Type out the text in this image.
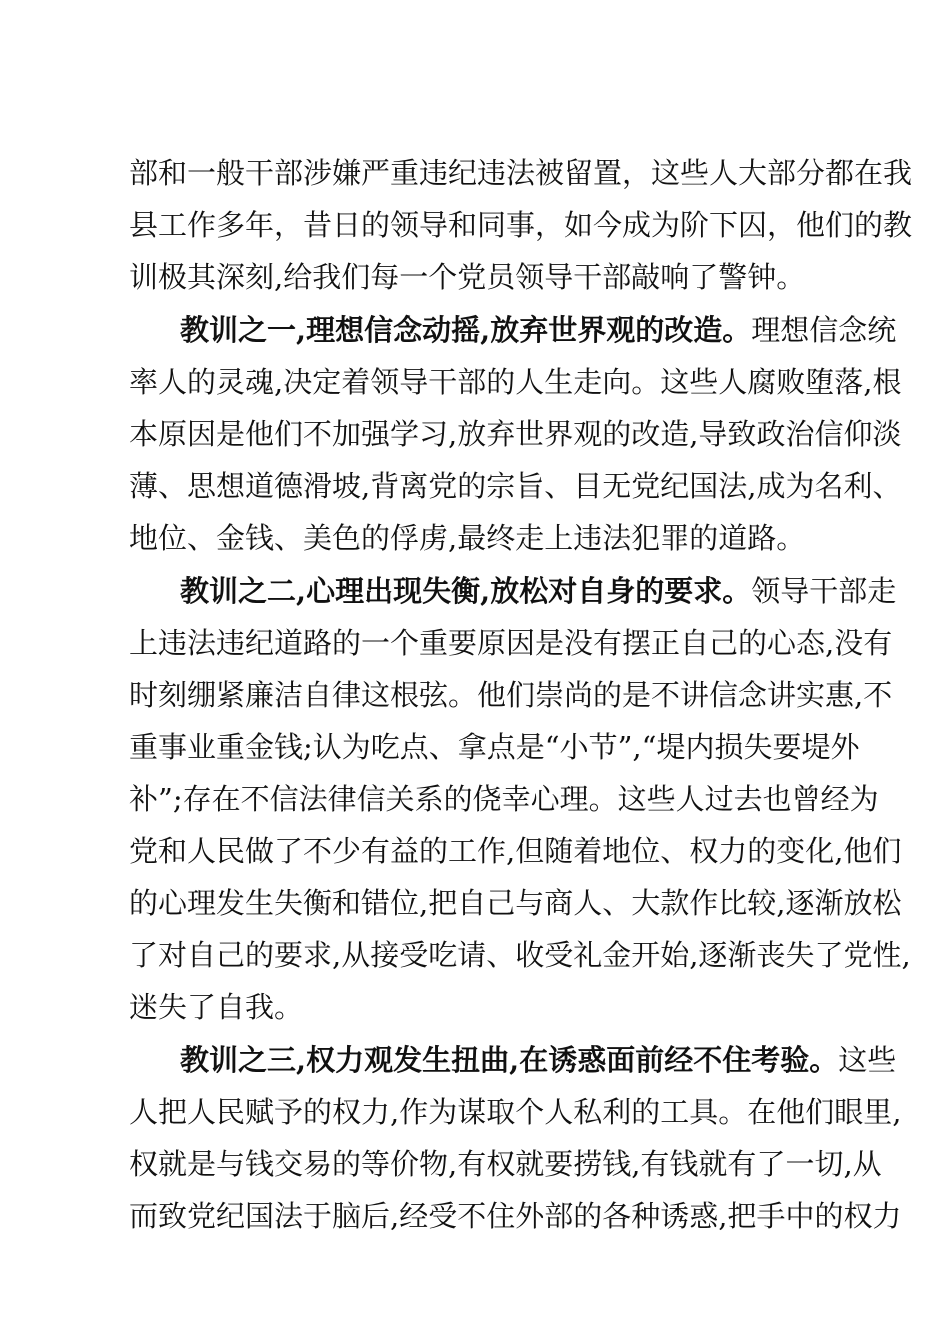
部和一般干部涉嫌严重违纪违法被留置，这些人大部分都在我
县工作多年，昔日的领导和同事，如今成为阶下囚，他们的教
训极其深刻,给我们每一个党员领导干部敲响了警钟。
教训之一,理想信念动摇,放弃世界观的改造。理想信念统
率人的灵魂,决定着领导干部的人生走向。这些人腐败堕落,根
本原因是他们不加强学习,放弃世界观的改造,导致政治信仰淡
薄、思想道德滑坡,背离党的宗旨、目无党纪国法,成为名利、
地位、金钱、美色的俘虏,最终走上违法犯罪的道路。
教训之二,心理出现失衡,放松对自身的要求。领导干部走
上违法违纪道路的一个重要原因是没有摆正自己的心态,没有
时刻绷紧廉洁自律这根弦。他们崇尚的是不讲信念讲实惠,不
重事业重金钱;认为吃点、拿点是“小节”,“堤内损失要堤外
补”;存在不信法律信关系的侥幸心理。这些人过去也曾经为
党和人民做了不少有益的工作,但随着地位、权力的变化,他们
的心理发生失衡和错位,把自己与商人、大款作比较,逐渐放松
了对自己的要求,从接受吃请、收受礼金开始,逐渐丧失了党性,
迷失了自我。
教训之三,权力观发生扭曲,在诱惑面前经不住考验。这些
人把人民赋予的权力,作为谋取个人私利的工具。在他们眼里,
权就是与钱交易的等价物,有权就要捞钱,有钱就有了一切,从
而致党纪国法于脑后,经受不住外部的各种诱惑,把手中的权力
